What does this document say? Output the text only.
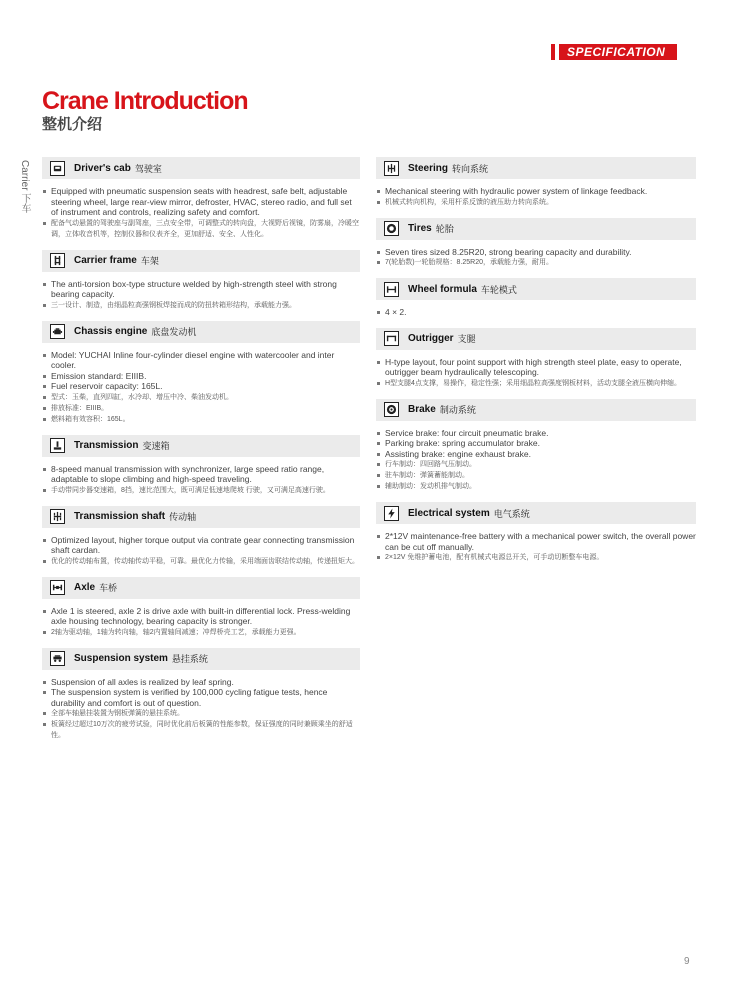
SPECIFICATION
Crane Introduction
整机介绍
Carrier 下车	Driver's cab 驾驶室
Equipped with pneumatic suspension seats with headrest, safe belt, adjustable steering wheel, large rear-view mirror, defroster, HVAC, stereo radio, and full set of instrument and controls, realizing safety and comfort.
配备气动悬置的驾驶座与副驾座，三点安全带，可调整式的转向盘，大视野后视镜，防雾扇，冷暖空调，立体收音机等，控制仪器和仪表齐全，更加舒适、安全、人性化。
Carrier frame 车架
The anti-torsion box-type structure welded by high-strength steel with strong bearing capacity.
三一设计、制造，由细晶粒高强钢板焊接而成的防扭转箱形结构，承载能力强。
Chassis engine 底盘发动机
Model: YUCHAI Inline four-cylinder diesel engine with watercooler and inter cooler.
Emission standard: EIIIB.
Fuel reservoir capacity: 165L.
型式：玉柴，直列四缸，水冷却、增压中冷、柴油发动机。
排放标准：EIIIB。
燃料箱有效容积：165L。
Transmission 变速箱
8-speed manual transmission with synchronizer, large speed ratio range, adaptable to slope climbing and high-speed traveling.
手动带同步器变速箱，8挡，速比范围大，既可满足低速地爬坡 行驶，又可满足高速行驶。
Transmission shaft 传动轴
Optimized layout, higher torque output via contrate gear connecting transmission shaft cardan.
优化的传动轴布置，传动轴传动平稳，可靠。最优化力传输，采用端面齿联结传动轴，传递扭矩大。
Axle 车桥
Axle 1 is steered, axle 2 is drive axle with built-in differential lock. Press-welding axle housing technology, bearing capacity is stronger.
2轴为驱动轴，1轴为转向轴，轴2内置轴间减速；冲焊桥壳工艺，承载能力更强。
Suspension system 悬挂系统
Suspension of all axles is realized by leaf spring.
The suspension system is verified by 100,000 cycling fatigue tests, hence durability and comfort is out of question.
全部车轴悬挂装置为钢板弹簧的悬挂系统。
板簧经过超过10万次的疲劳试验，同时优化前后板簧的性能参数，保证强度的同时兼顾乘坐的舒适性。
Steering 转向系统
Mechanical steering with hydraulic power system of linkage feedback.
机械式转向机构，采用杆系反馈的液压助力转向系统。
Tires 轮胎
Seven tires sized 8.25R20, strong bearing capacity and durability.
7(轮胎数)一轮胎规格：8.25R20，承载能力强，耐用。
Wheel formula 车轮模式
4 × 2.
Outrigger 支腿
H-type layout, four point support with high strength steel plate, easy to operate, outrigger beam hydraulically telescoping.
H型支腿4点支撑，易操作，稳定性强；采用细晶粒高强度钢板材料，活动支腿全液压横向伸缩。
Brake 制动系统
Service brake: four circuit pneumatic brake.
Parking brake: spring accumulator brake.
Assisting brake: engine exhaust brake.
行车制动：四回路气压制动。
驻车制动：弹簧蓄能制动。
辅助制动：发动机排气制动。
Electrical system 电气系统
2*12V maintenance-free battery with a mechanical power switch, the overall power can be cut off manually.
2×12V 免维护蓄电池，配有机械式电源总开关，可手动切断整车电源。
9
